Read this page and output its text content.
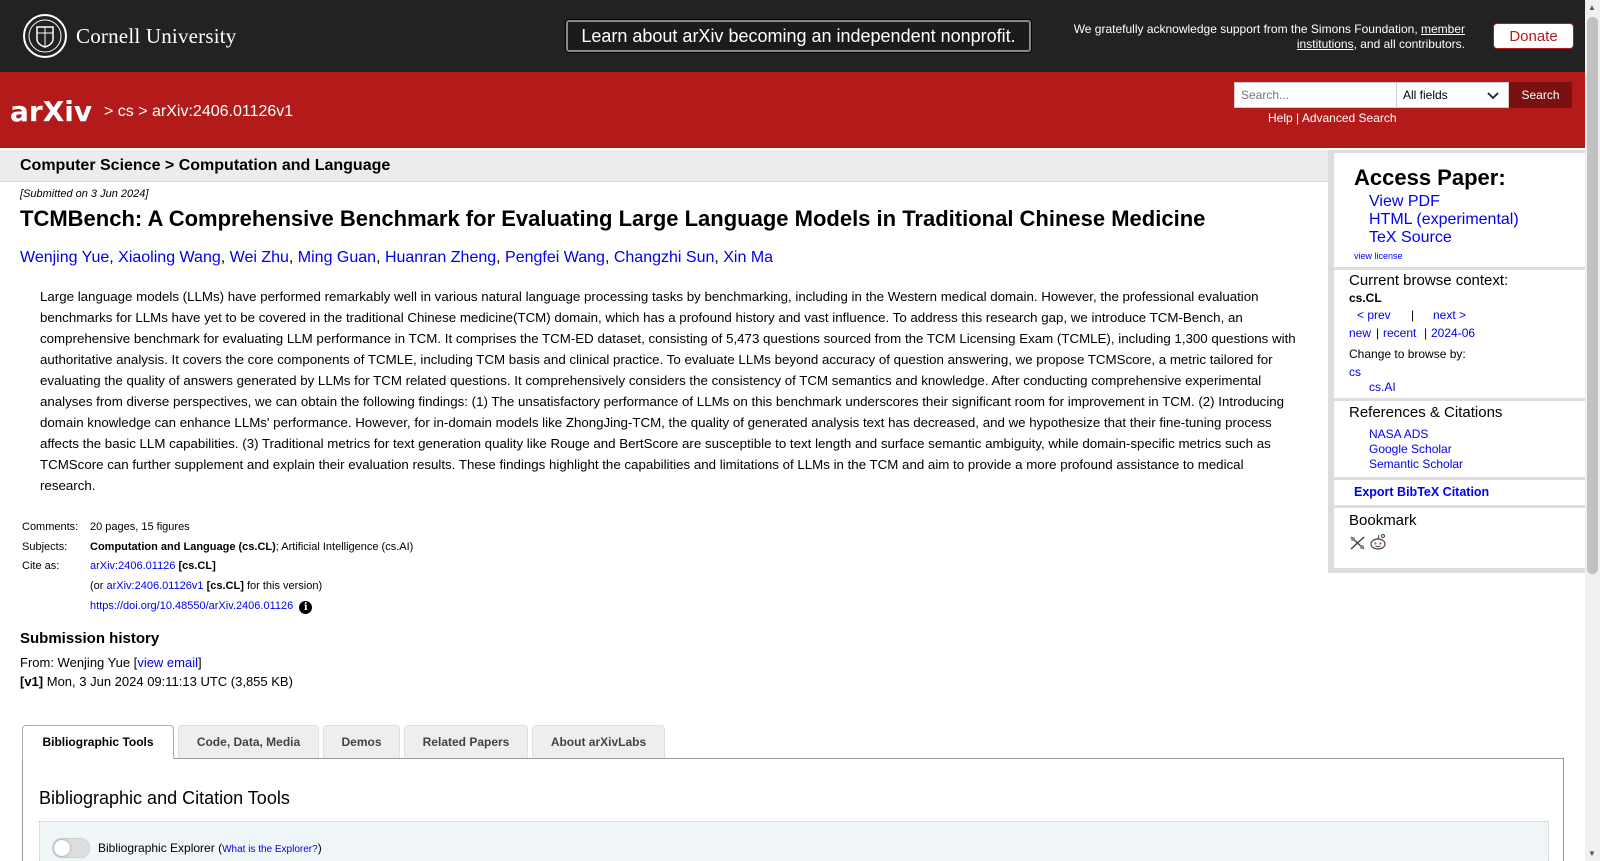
Cornell University	Learn about arXiv becoming an independent nonprofit.	We gratefully acknowledge support from the Simons Foundation, member institutions, and all contributors.	Donate
arXiv > cs > arXiv:2406.01126v1
Search...	All fields	Search
Help | Advanced Search
Computer Science > Computation and Language
[Submitted on 3 Jun 2024]
TCMBench: A Comprehensive Benchmark for Evaluating Large Language Models in Traditional Chinese Medicine
Wenjing Yue, Xiaoling Wang, Wei Zhu, Ming Guan, Huanran Zheng, Pengfei Wang, Changzhi Sun, Xin Ma
Large language models (LLMs) have performed remarkably well in various natural language processing tasks by benchmarking, including in the Western medical domain. However, the professional evaluation benchmarks for LLMs have yet to be covered in the traditional Chinese medicine(TCM) domain, which has a profound history and vast influence. To address this research gap, we introduce TCM-Bench, an comprehensive benchmark for evaluating LLM performance in TCM. It comprises the TCM-ED dataset, consisting of 5,473 questions sourced from the TCM Licensing Exam (TCMLE), including 1,300 questions with authoritative analysis. It covers the core components of TCMLE, including TCM basis and clinical practice. To evaluate LLMs beyond accuracy of question answering, we propose TCMScore, a metric tailored for evaluating the quality of answers generated by LLMs for TCM related questions. It comprehensively considers the consistency of TCM semantics and knowledge. After conducting comprehensive experimental analyses from diverse perspectives, we can obtain the following findings: (1) The unsatisfactory performance of LLMs on this benchmark underscores their significant room for improvement in TCM. (2) Introducing domain knowledge can enhance LLMs' performance. However, for in-domain models like ZhongJing-TCM, the quality of generated analysis text has decreased, and we hypothesize that their fine-tuning process affects the basic LLM capabilities. (3) Traditional metrics for text generation quality like Rouge and BertScore are susceptible to text length and surface semantic ambiguity, while domain-specific metrics such as TCMScore can further supplement and explain their evaluation results. These findings highlight the capabilities and limitations of LLMs in the TCM and aim to provide a more profound assistance to medical research.
Comments: 20 pages, 15 figures
Subjects: Computation and Language (cs.CL); Artificial Intelligence (cs.AI)
Cite as:	arXiv:2406.01126 [cs.CL]
(or arXiv:2406.01126v1 [cs.CL] for this version)
https://doi.org/10.48550/arXiv.2406.01126 i
Submission history
From: Wenjing Yue [view email]
[v1] Mon, 3 Jun 2024 09:11:13 UTC (3,855 KB)
Bibliographic Tools	Code, Data, Media	Demos	Related Papers	About arXivLabs
Bibliographic and Citation Tools
Bibliographic Explorer (What is the Explorer?)
Access Paper:
View PDF
HTML (experimental)
TeX Source
view license
Current browse context:
cs.CL
< prev | next >
new | recent | 2024-06
Change to browse by:
cs
cs.AI
References & Citations
NASA ADS
Google Scholar
Semantic Scholar
Export BibTeX Citation
Bookmark
▲
▼
